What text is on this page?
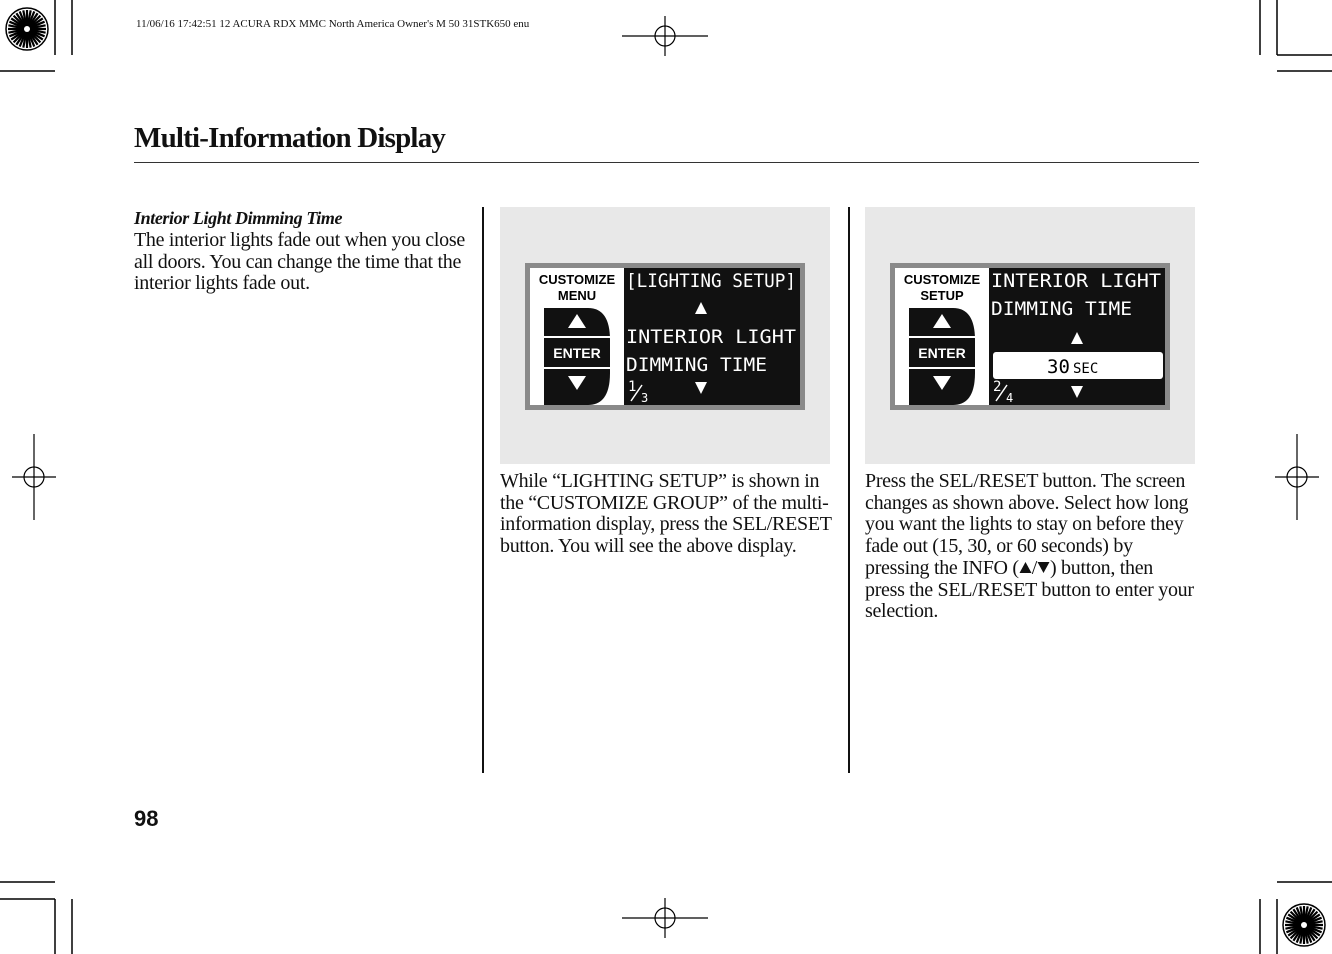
11/06/16 17:42:51 12 ACURA RDX MMC North America Owner's M 50 31STK650 enu
Multi-Information Display
Interior Light Dimming Time
The interior lights fade out when you close all doors. You can change the time that the interior lights fade out.	CUSTOMIZE
MENU
ENTER
[LIGHTING SETUP]
INTERIOR LIGHT
DIMMING TIME
1
3
While “LIGHTING SETUP” is shown in the “CUSTOMIZE GROUP” of the multi-information display, press the SEL/RESET button. You will see the above display.
CUSTOMIZE
SETUP
ENTER
INTERIOR LIGHT
DIMMING TIME
30 SEC
2
4
Press the SEL/RESET button. The screen changes as shown above. Select how long you want the lights to stay on before they fade out (15, 30, or 60 seconds) by pressing the INFO ( / ) button, then press the SEL/RESET button to enter your selection.
98
